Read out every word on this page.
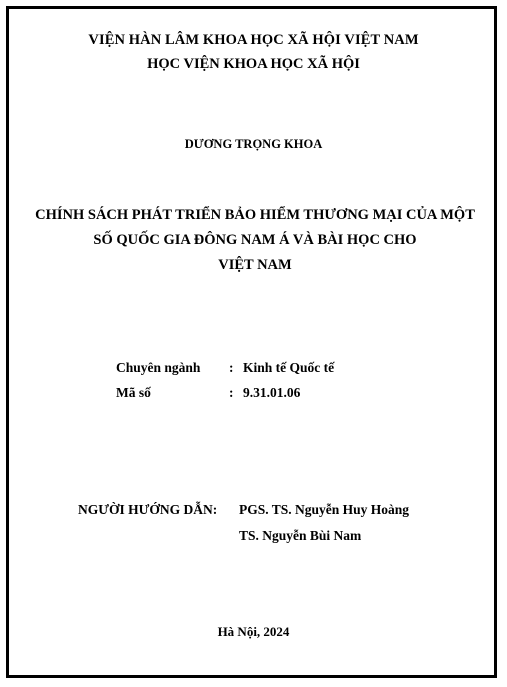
VIỆN HÀN LÂM KHOA HỌC XÃ HỘI VIỆT NAM
HỌC VIỆN KHOA HỌC XÃ HỘI
DƯƠNG TRỌNG KHOA
CHÍNH SÁCH PHÁT TRIỂN BẢO HIỂM THƯƠNG MẠI CỦA MỘT
SỐ QUỐC GIA ĐÔNG NAM Á VÀ BÀI HỌC CHO
VIỆT NAM
Chuyên ngành : Kinh tế Quốc tế
Mã số	: 9.31.01.06
NGƯỜI HƯỚNG DẪN: PGS. TS. Nguyễn Huy Hoàng
TS. Nguyễn Bùi Nam
Hà Nội, 2024
